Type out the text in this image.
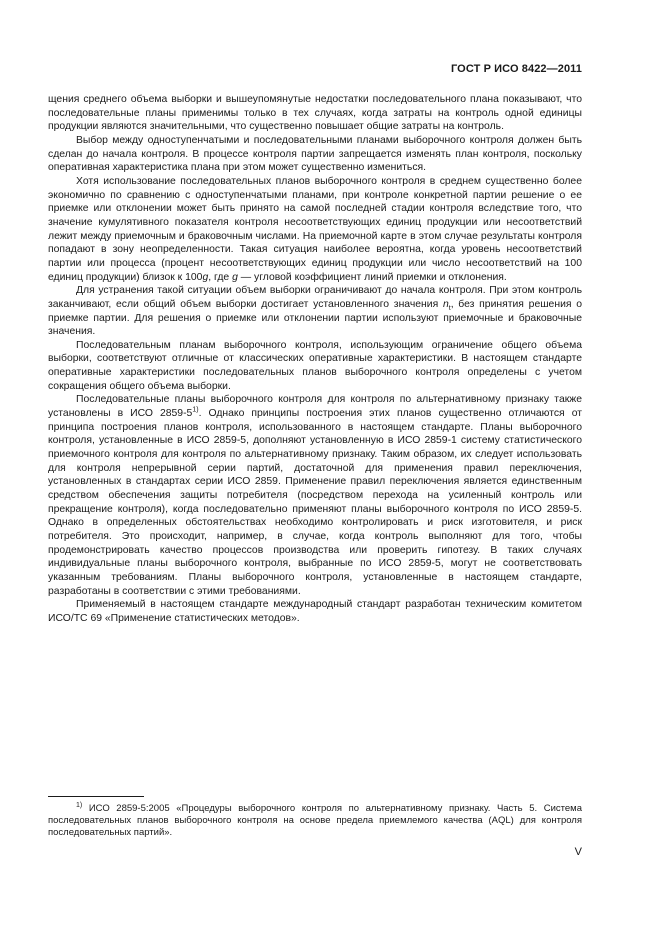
ГОСТ Р ИСО 8422—2011

щения среднего объема выборки и вышеупомянутые недостатки последовательного плана показывают, что последовательные планы применимы только в тех случаях, когда затраты на контроль одной единицы продукции являются значительными, что существенно повышает общие затраты на контроль.

Выбор между одноступенчатыми и последовательными планами выборочного контроля должен быть сделан до начала контроля. В процессе контроля партии запрещается изменять план контроля, поскольку оперативная характеристика плана при этом может существенно измениться.

Хотя использование последовательных планов выборочного контроля в среднем существенно более экономично по сравнению с одноступенчатыми планами, при контроле конкретной партии решение о ее приемке или отклонении может быть принято на самой последней стадии контроля вследствие того, что значение кумулятивного показателя контроля несоответствующих единиц продукции или несоответствий лежит между приемочным и браковочным числами. На приемочной карте в этом случае результаты контроля попадают в зону неопределенности. Такая ситуация наиболее вероятна, когда уровень несоответствий партии или процесса (процент несоответствующих единиц продукции или число несоответствий на 100 единиц продукции) близок к 100g, где g — угловой коэффициент линий приемки и отклонения.

Для устранения такой ситуации объем выборки ограничивают до начала контроля. При этом контроль заканчивают, если общий объем выборки достигает установленного значения $n_t$, без принятия решения о приемке партии. Для решения о приемке или отклонении партии используют приемочные и браковочные значения.

Последовательным планам выборочного контроля, использующим ограничение общего объема выборки, соответствуют отличные от классических оперативные характеристики. В настоящем стандарте оперативные характеристики последовательных планов выборочного контроля определены с учетом сокращения общего объема выборки.

Последовательные планы выборочного контроля для контроля по альтернативному признаку также установлены в ИСО 2859-5$^{1)}$. Однако принципы построения этих планов существенно отличаются от принципа построения планов контроля, использованного в настоящем стандарте. Планы выборочного контроля, установленные в ИСО 2859-5, дополняют установленную в ИСО 2859-1 систему статистического приемочного контроля для контроля по альтернативному признаку. Таким образом, их следует использовать для контроля непрерывной серии партий, достаточной для применения правил переключения, установленных в стандартах серии ИСО 2859. Применение правил переключения является единственным средством обеспечения защиты потребителя (посредством перехода на усиленный контроль или прекращение контроля), когда последовательно применяют планы выборочного контроля по ИСО 2859-5. Однако в определенных обстоятельствах необходимо контролировать и риск изготовителя, и риск потребителя. Это происходит, например, в случае, когда контроль выполняют для того, чтобы продемонстрировать качество процессов производства или проверить гипотезу. В таких случаях индивидуальные планы выборочного контроля, выбранные по ИСО 2859-5, могут не соответствовать указанным требованиям. Планы выборочного контроля, установленные в настоящем стандарте, разработаны в соответствии с этими требованиями.

Применяемый в настоящем стандарте международный стандарт разработан техническим комитетом ИСО/ТС 69 «Применение статистических методов».

$^{1)}$ ИСО 2859-5:2005 «Процедуры выборочного контроля по альтернативному признаку. Часть 5. Система последовательных планов выборочного контроля на основе предела приемлемого качества (AQL) для контроля последовательных партий».

V
